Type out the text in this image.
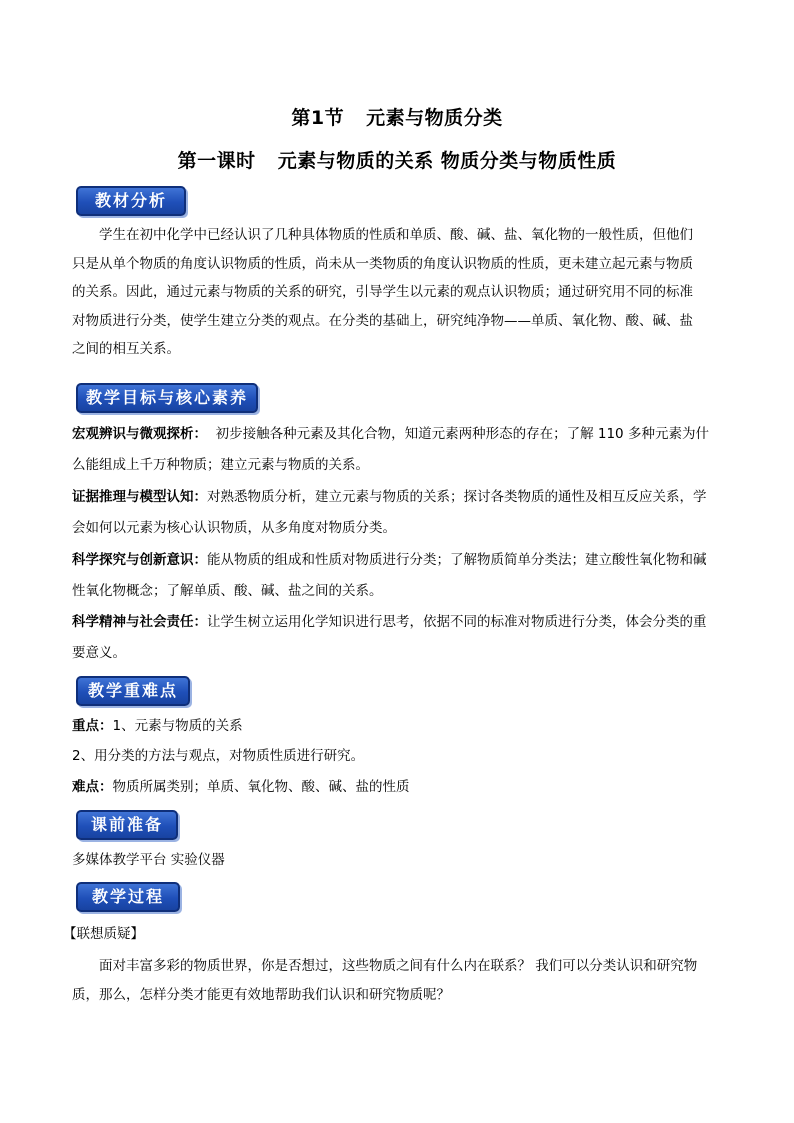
第1节 元素与物质分类
第一课时 元素与物质的关系 物质分类与物质性质
教材分析
学生在初中化学中已经认识了几种具体物质的性质和单质、酸、碱、盐、氧化物的一般性质，但他们
只是从单个物质的角度认识物质的性质，尚未从一类物质的角度认识物质的性质，更未建立起元素与物质
的关系。因此，通过元素与物质的关系的研究，引导学生以元素的观点认识物质；通过研究用不同的标准
对物质进行分类，使学生建立分类的观点。在分类的基础上，研究纯净物——单质、氧化物、酸、碱、盐
之间的相互关系。
教学目标与核心素养
宏观辨识与微观探析： 初步接触各种元素及其化合物，知道元素两种形态的存在；了解 110 多种元素为什
么能组成上千万种物质；建立元素与物质的关系。
证据推理与模型认知：对熟悉物质分析，建立元素与物质的关系；探讨各类物质的通性及相互反应关系，学
会如何以元素为核心认识物质，从多角度对物质分类。
科学探究与创新意识：能从物质的组成和性质对物质进行分类；了解物质简单分类法；建立酸性氧化物和碱
性氧化物概念；了解单质、酸、碱、盐之间的关系。
科学精神与社会责任：让学生树立运用化学知识进行思考，依据不同的标准对物质进行分类，体会分类的重
要意义。
教学重难点
重点：1、元素与物质的关系
2、用分类的方法与观点，对物质性质进行研究。
难点：物质所属类别；单质、氧化物、酸、碱、盐的性质
课前准备
多媒体教学平台 实验仪器
教学过程
【联想质疑】
面对丰富多彩的物质世界，你是否想过，这些物质之间有什么内在联系？ 我们可以分类认识和研究物
质，那么，怎样分类才能更有效地帮助我们认识和研究物质呢？
